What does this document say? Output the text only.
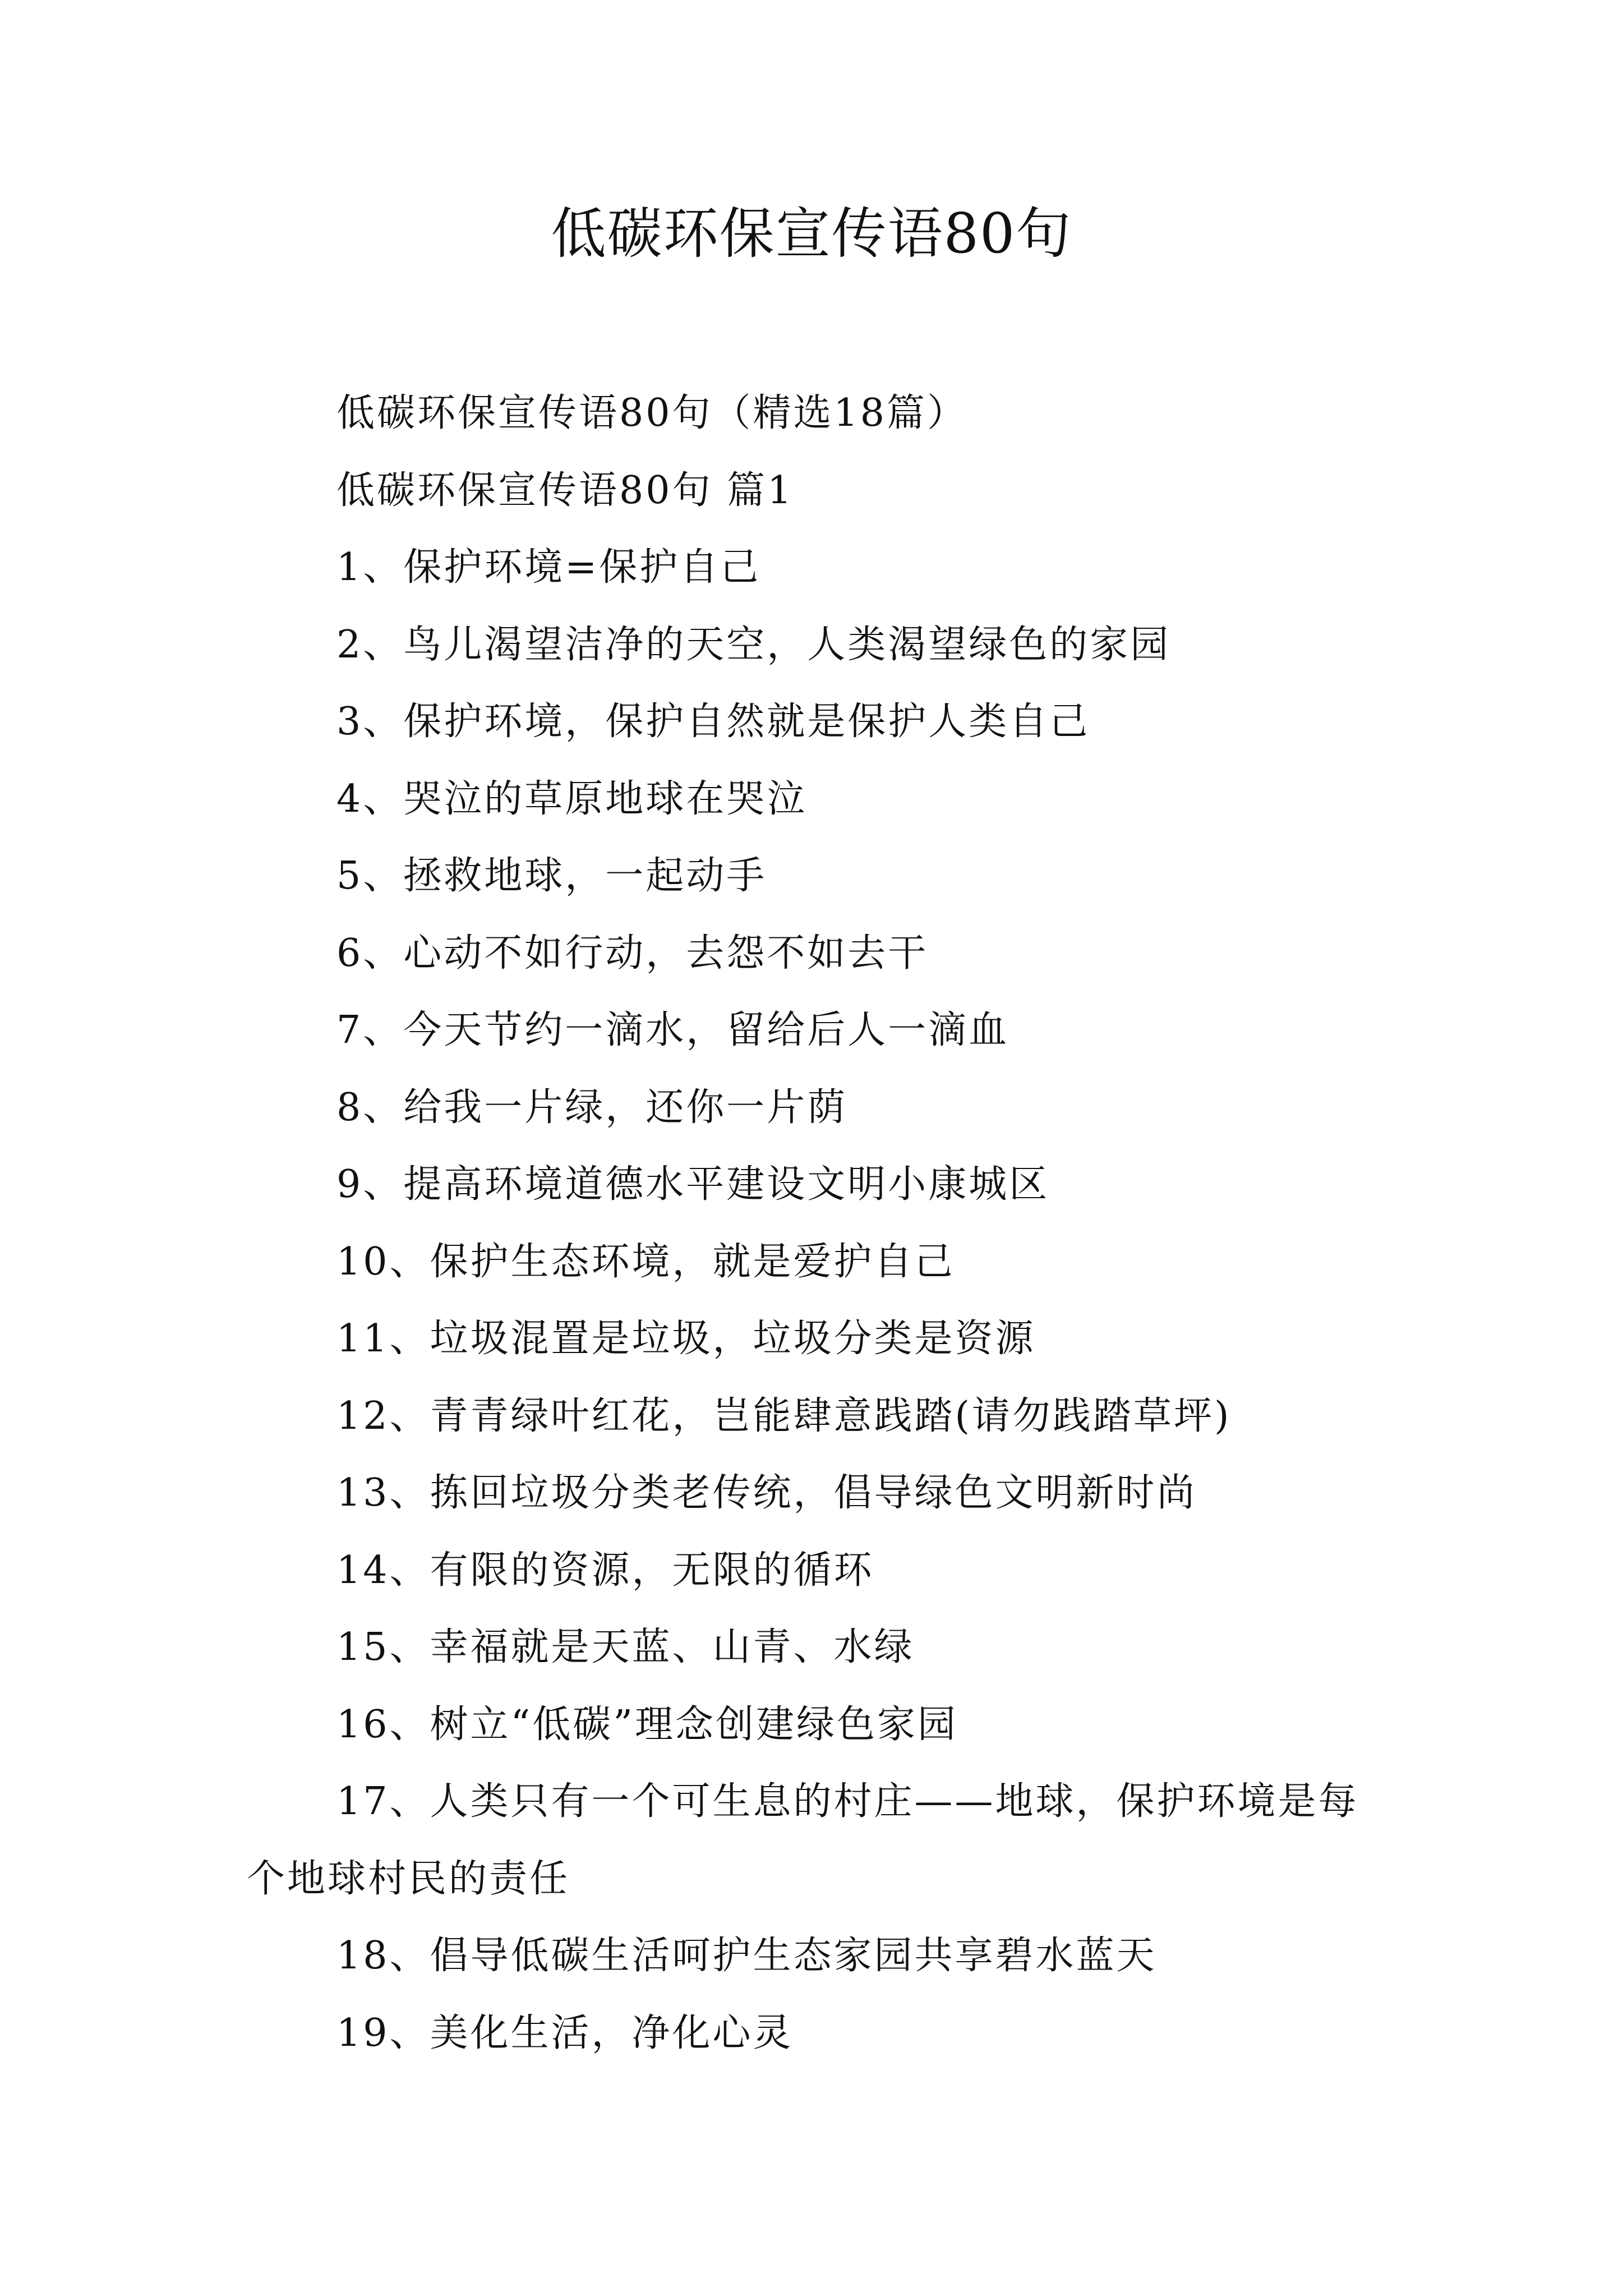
低碳环保宣传语80句

低碳环保宣传语80句（精选18篇）

低碳环保宣传语80句 篇1

1、保护环境=保护自己

2、鸟儿渴望洁净的天空，人类渴望绿色的家园

3、保护环境，保护自然就是保护人类自己

4、哭泣的草原地球在哭泣

5、拯救地球，一起动手

6、心动不如行动，去怨不如去干

7、今天节约一滴水，留给后人一滴血

8、给我一片绿，还你一片荫

9、提高环境道德水平建设文明小康城区

10、保护生态环境，就是爱护自己

11、垃圾混置是垃圾，垃圾分类是资源

12、青青绿叶红花，岂能肆意践踏(请勿践踏草坪)

13、拣回垃圾分类老传统，倡导绿色文明新时尚

14、有限的资源，无限的循环

15、幸福就是天蓝、山青、水绿

16、树立“低碳”理念创建绿色家园

17、人类只有一个可生息的村庄——地球，保护环境是每个地球村民的责任

18、倡导低碳生活呵护生态家园共享碧水蓝天

19、美化生活，净化心灵
